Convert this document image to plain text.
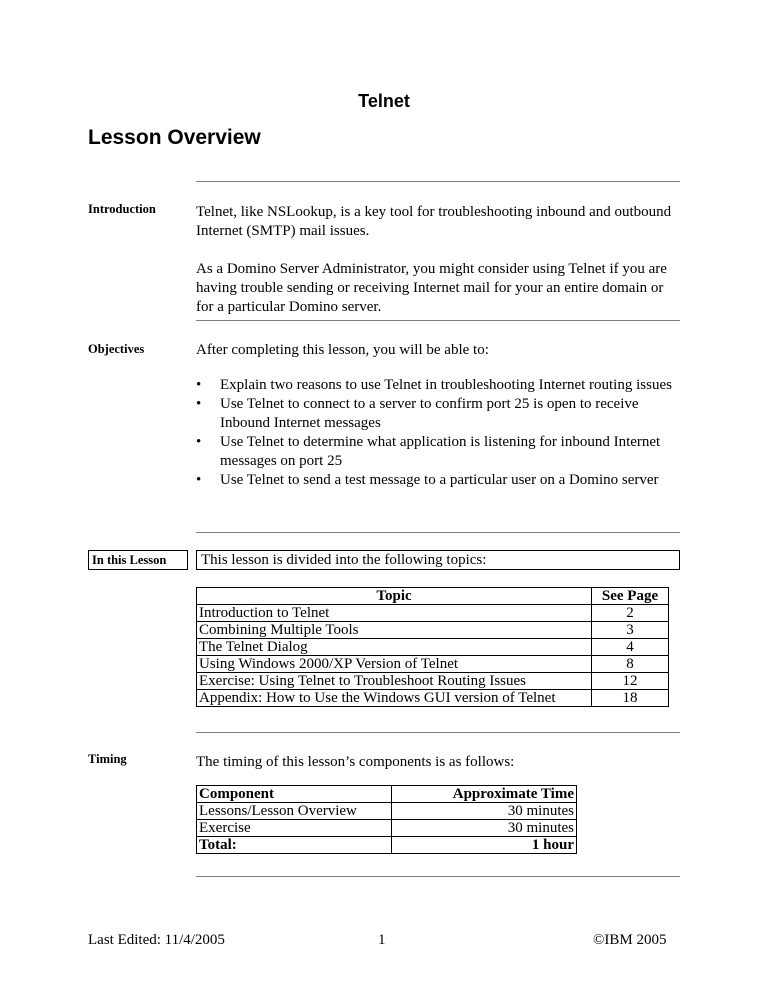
Telnet
Lesson Overview
Introduction	Telnet, like NSLookup, is a key tool for troubleshooting inbound and outbound Internet (SMTP) mail issues.

As a Domino Server Administrator, you might consider using Telnet if you are having trouble sending or receiving Internet mail for your an entire domain or for a particular Domino server.

Objectives	After completing this lesson, you will be able to:
• Explain two reasons to use Telnet in troubleshooting Internet routing issues
• Use Telnet to connect to a server to confirm port 25 is open to receive Inbound Internet messages
• Use Telnet to determine what application is listening for inbound Internet messages on port 25
• Use Telnet to send a test message to a particular user on a Domino server
In this Lesson	This lesson is divided into the following topics:
Topic	See Page
Introduction to Telnet	2
Combining Multiple Tools	3
The Telnet Dialog	4
Using Windows 2000/XP Version of Telnet	8
Exercise: Using Telnet to Troubleshoot Routing Issues	12
Appendix: How to Use the Windows GUI version of Telnet	18
Timing	The timing of this lesson’s components is as follows:
Component	Approximate Time
Lessons/Lesson Overview	30 minutes
Exercise	30 minutes
Total:	1 hour
Last Edited: 11/4/2005	1	©IBM 2005
